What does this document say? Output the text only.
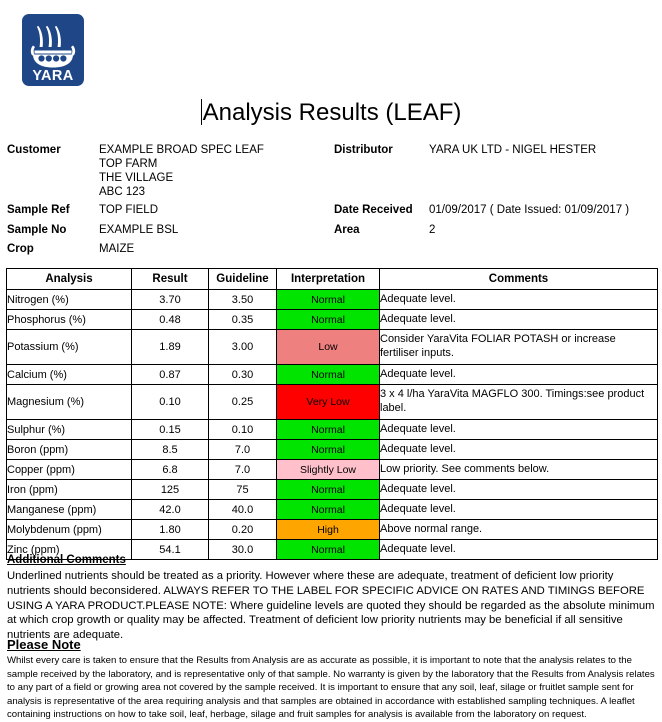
YARA
Analysis Results (LEAF)
Customer	EXAMPLE BROAD SPEC LEAF
TOP FARM
THE VILLAGE
ABC 123
Sample Ref	TOP FIELD
Sample No	EXAMPLE BSL
Crop	MAIZE
Distributor	YARA UK LTD - NIGEL HESTER
Date Received 01/09/2017 ( Date Issued: 01/09/2017 )
Area	2
Analysis	Result	Guideline	Interpretation	Comments
Nitrogen (%)	3.70	3.50	Normal	Adequate level.
Phosphorus (%)	0.48	0.35	Normal	Adequate level.
Potassium (%)	1.89	3.00	Low	Consider YaraVita FOLIAR POTASH or increase fertiliser inputs.
Calcium (%)	0.87	0.30	Normal	Adequate level.
Magnesium (%)	0.10	0.25	Very Low	3 x 4 l/ha YaraVita MAGFLO 300. Timings:see product label.
Sulphur (%)	0.15	0.10	Normal	Adequate level.
Boron (ppm)	8.5	7.0	Normal	Adequate level.
Copper (ppm)	6.8	7.0	Slightly Low	Low priority. See comments below.
Iron (ppm)	125	75	Normal	Adequate level.
Manganese (ppm)	42.0	40.0	Normal	Adequate level.
Molybdenum (ppm)	1.80	0.20	High	Above normal range.
Zinc (ppm)	54.1	30.0	Normal	Adequate level.
Additional Comments
Underlined nutrients should be treated as a priority. However where these are adequate, treatment of deficient low priority nutrients should beconsidered. ALWAYS REFER TO THE LABEL FOR SPECIFIC ADVICE ON RATES AND TIMINGS BEFORE USING A YARA PRODUCT.PLEASE NOTE: Where guideline levels are quoted they should be regarded as the absolute minimum at which crop growth or quality may be affected. Treatment of deficient low priority nutrients may be beneficial if all sensitive nutrients are adequate.
Please Note
Whilst every care is taken to ensure that the Results from Analysis are as accurate as possible, it is important to note that the analysis relates to the sample received by the laboratory, and is representative only of that sample. No warranty is given by the laboratory that the Results from Analysis relates to any part of a field or growing area not covered by the sample received. It is important to ensure that any soil, leaf, silage or fruitlet sample sent for analysis is representative of the area requiring analysis and that samples are obtained in accordance with established sampling techniques. A leaflet containing instructions on how to take soil, leaf, herbage, silage and fruit samples for analysis is available from the laboratory on request.
